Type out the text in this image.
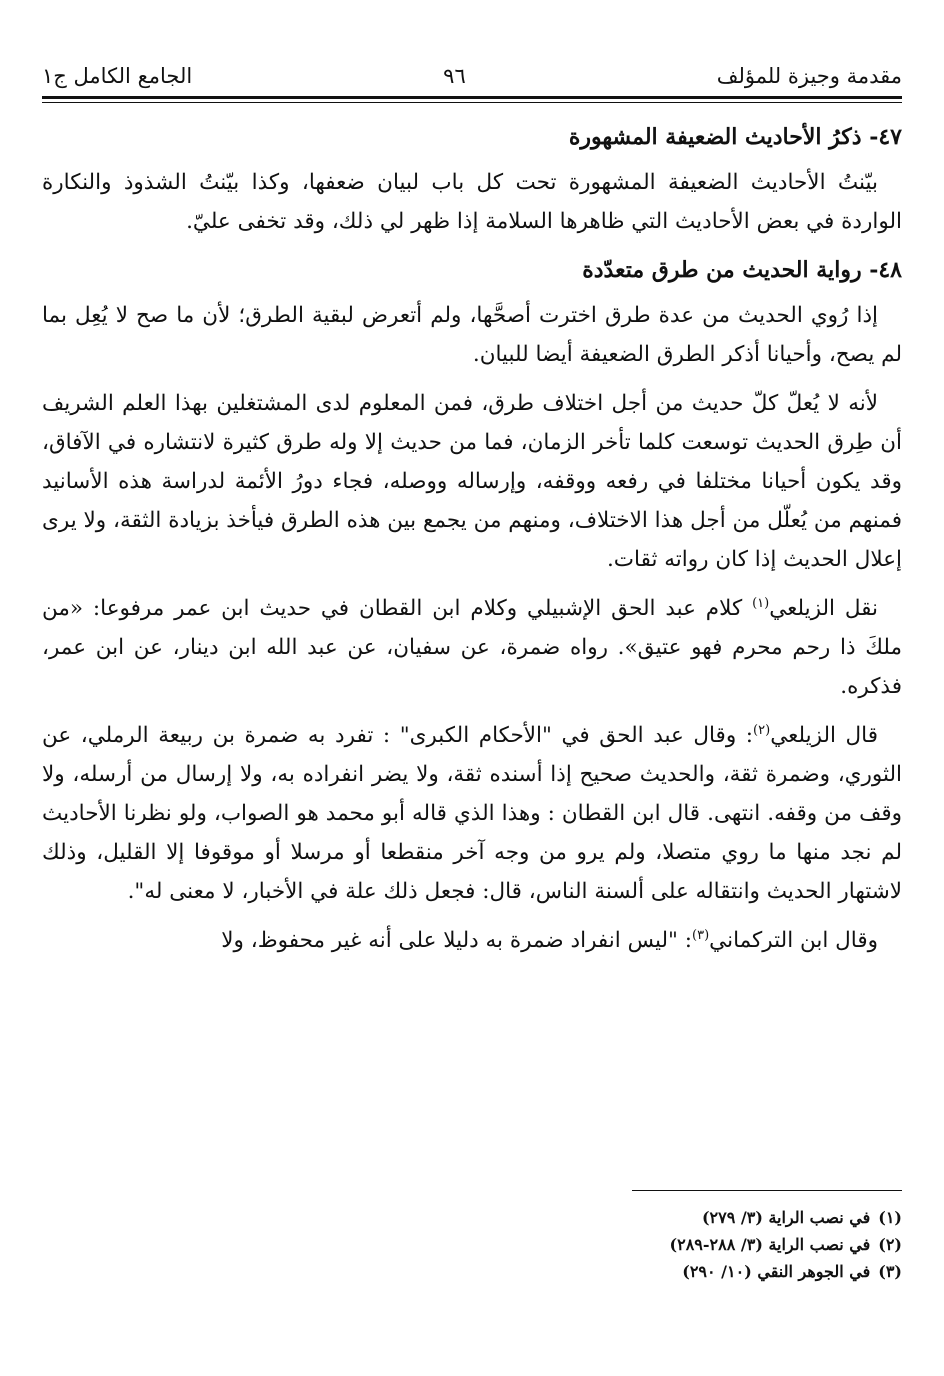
مقدمة وجيزة للمؤلف
٩٦
الجامع الكامل ج١

٤٧- ذكرُ الأحاديث الضعيفة المشهورة

بيّنتُ الأحاديث الضعيفة المشهورة تحت كل باب لبيان ضعفها، وكذا بيّنتُ الشذوذ والنكارة الواردة في بعض الأحاديث التي ظاهرها السلامة إذا ظهر لي ذلك، وقد تخفى عليّ.

٤٨- رواية الحديث من طرق متعدّدة

إذا رُوي الحديث من عدة طرق اخترت أصحَّها، ولم أتعرض لبقية الطرق؛ لأن ما صح لا يُعِل بما لم يصح، وأحيانا أذكر الطرق الضعيفة أيضا للبيان.

لأنه لا يُعلّ كلّ حديث من أجل اختلاف طرق، فمن المعلوم لدى المشتغلين بهذا العلم الشريف أن طِرق الحديث توسعت كلما تأخر الزمان، فما من حديث إلا وله طرق كثيرة لانتشاره في الآفاق، وقد يكون أحيانا مختلفا في رفعه ووقفه، وإرساله ووصله، فجاء دورُ الأئمة لدراسة هذه الأسانيد فمنهم من يُعلّل من أجل هذا الاختلاف، ومنهم من يجمع بين هذه الطرق فيأخذ بزيادة الثقة، ولا يرى إعلال الحديث إذا كان رواته ثقات.

نقل الزيلعي$^{(١)}$ كلام عبد الحق الإشبيلي وكلام ابن القطان في حديث ابن عمر مرفوعا: «من ملكَ ذا رحم محرم فهو عتيق». رواه ضمرة، عن سفيان، عن عبد الله ابن دينار، عن ابن عمر، فذكره.

قال الزيلعي$^{(٢)}$: وقال عبد الحق في "الأحكام الكبرى" : تفرد به ضمرة بن ربيعة الرملي، عن الثوري، وضمرة ثقة، والحديث صحيح إذا أسنده ثقة، ولا يضر انفراده به، ولا إرسال من أرسله، ولا وقف من وقفه. انتهى. قال ابن القطان : وهذا الذي قاله أبو محمد هو الصواب، ولو نظرنا الأحاديث لم نجد منها ما روي متصلا، ولم يرو من وجه آخر منقطعا أو مرسلا أو موقوفا إلا القليل، وذلك لاشتهار الحديث وانتقاله على ألسنة الناس، قال: فجعل ذلك علة في الأخبار، لا معنى له".

وقال ابن التركماني$^{(٣)}$: "ليس انفراد ضمرة به دليلا على أنه غير محفوظ، ولا

(١)
في نصب الراية (٣/ ٢٧٩)
(٢)
في نصب الراية (٣/ ٢٨٨-٢٨٩)
(٣)
في الجوهر النقي (١٠/ ٢٩٠)
